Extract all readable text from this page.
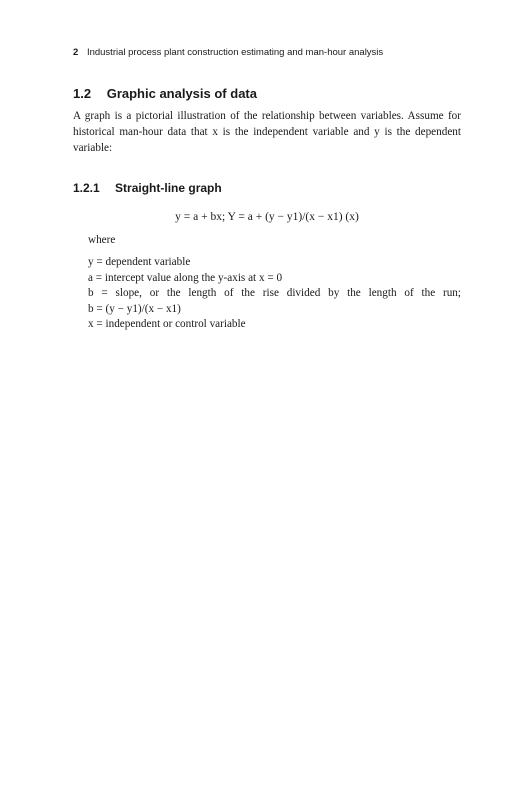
2 Industrial process plant construction estimating and man-hour analysis
1.2 Graphic analysis of data
A graph is a pictorial illustration of the relationship between variables. Assume for historical man-hour data that x is the independent variable and y is the dependent variable:
1.2.1 Straight-line graph
y = a + bx; Y = a + (y − y1)/(x − x1) (x)
where
y = dependent variable
a = intercept value along the y-axis at x = 0
b = slope, or the length of the rise divided by the length of the run;
b = (y − y1)/(x − x1)
x = independent or control variable
